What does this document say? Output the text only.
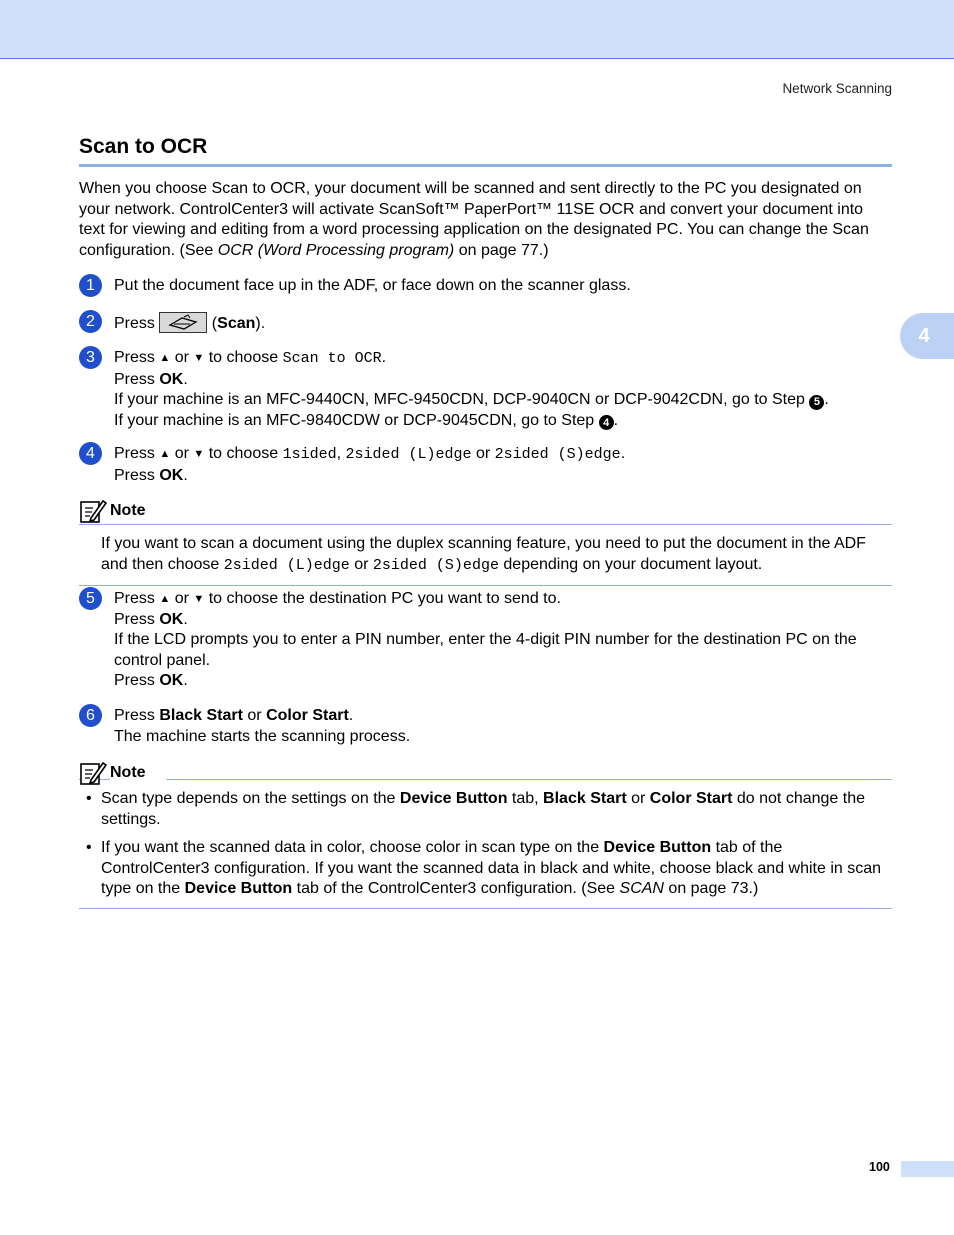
Network Scanning
4
Scan to OCR
When you choose Scan to OCR, your document will be scanned and sent directly to the PC you designated on your network. ControlCenter3 will activate ScanSoft™ PaperPort™ 11SE OCR and convert your document into text for viewing and editing from a word processing application on the designated PC. You can change the Scan configuration. (See OCR (Word Processing program) on page 77.)
1	Put the document face up in the ADF, or face down on the scanner glass.
2	Press	(Scan).
3	Press ▲ or ▼ to choose Scan to OCR.
Press OK.
If your machine is an MFC-9440CN, MFC-9450CDN, DCP-9040CN or DCP-9042CDN, go to Step 5 .
If your machine is an MFC-9840CDW or DCP-9045CDN, go to Step 4 .
4	Press ▲ or ▼ to choose 1sided, 2sided (L)edge or 2sided (S)edge.
Press OK.
Note
If you want to scan a document using the duplex scanning feature, you need to put the document in the ADF and then choose 2sided (L)edge or 2sided (S)edge depending on your document layout.
5	Press ▲ or ▼ to choose the destination PC you want to send to.
Press OK.
If the LCD prompts you to enter a PIN number, enter the 4-digit PIN number for the destination PC on the control panel.
Press OK.
6	Press Black Start or Color Start.
The machine starts the scanning process.
Note
• Scan type depends on the settings on the Device Button tab, Black Start or Color Start do not change the settings.
• If you want the scanned data in color, choose color in scan type on the Device Button tab of the ControlCenter3 configuration. If you want the scanned data in black and white, choose black and white in scan type on the Device Button tab of the ControlCenter3 configuration. (See SCAN on page 73.)
100
